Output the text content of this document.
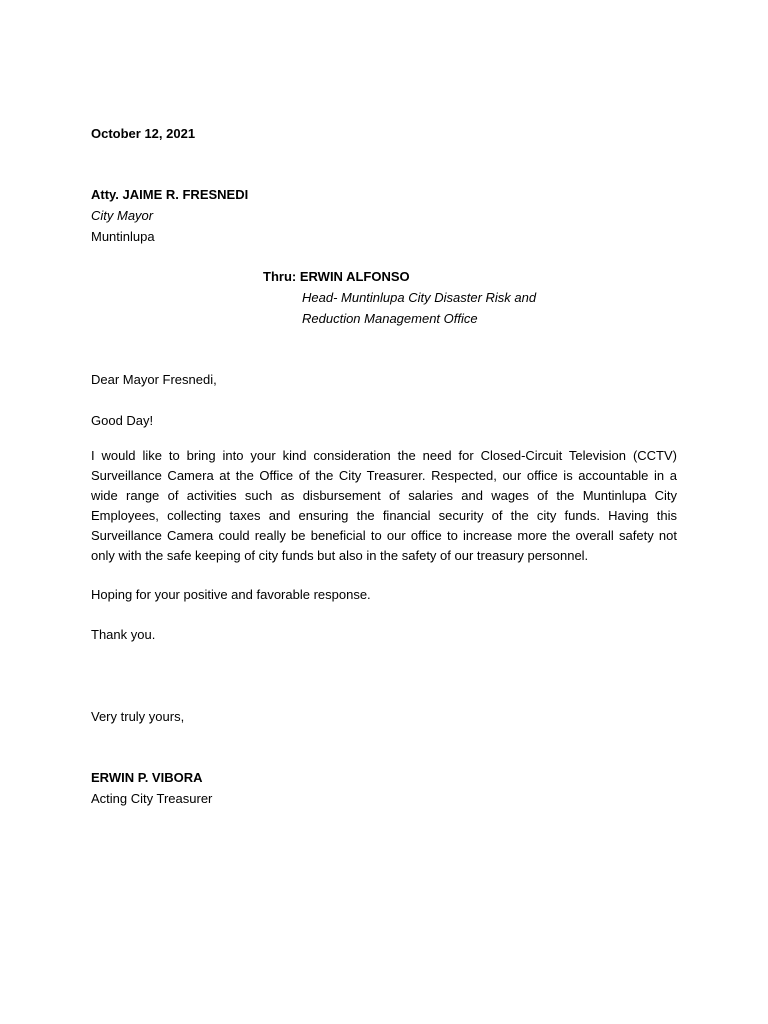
October 12, 2021
Atty. JAIME R. FRESNEDI
City Mayor
Muntinlupa
Thru: ERWIN ALFONSO
Head- Muntinlupa City Disaster Risk and
Reduction Management Office
Dear Mayor Fresnedi,
Good Day!
I would like to bring into your kind consideration the need for Closed-Circuit Television (CCTV) Surveillance Camera at the Office of the City Treasurer. Respected, our office is accountable in a wide range of activities such as disbursement of salaries and wages of the Muntinlupa City Employees, collecting taxes and ensuring the financial security of the city funds. Having this Surveillance Camera could really be beneficial to our office to increase more the overall safety not only with the safe keeping of city funds but also in the safety of our treasury personnel.
Hoping for your positive and favorable response.
Thank you.
Very truly yours,
ERWIN P. VIBORA
Acting City Treasurer
